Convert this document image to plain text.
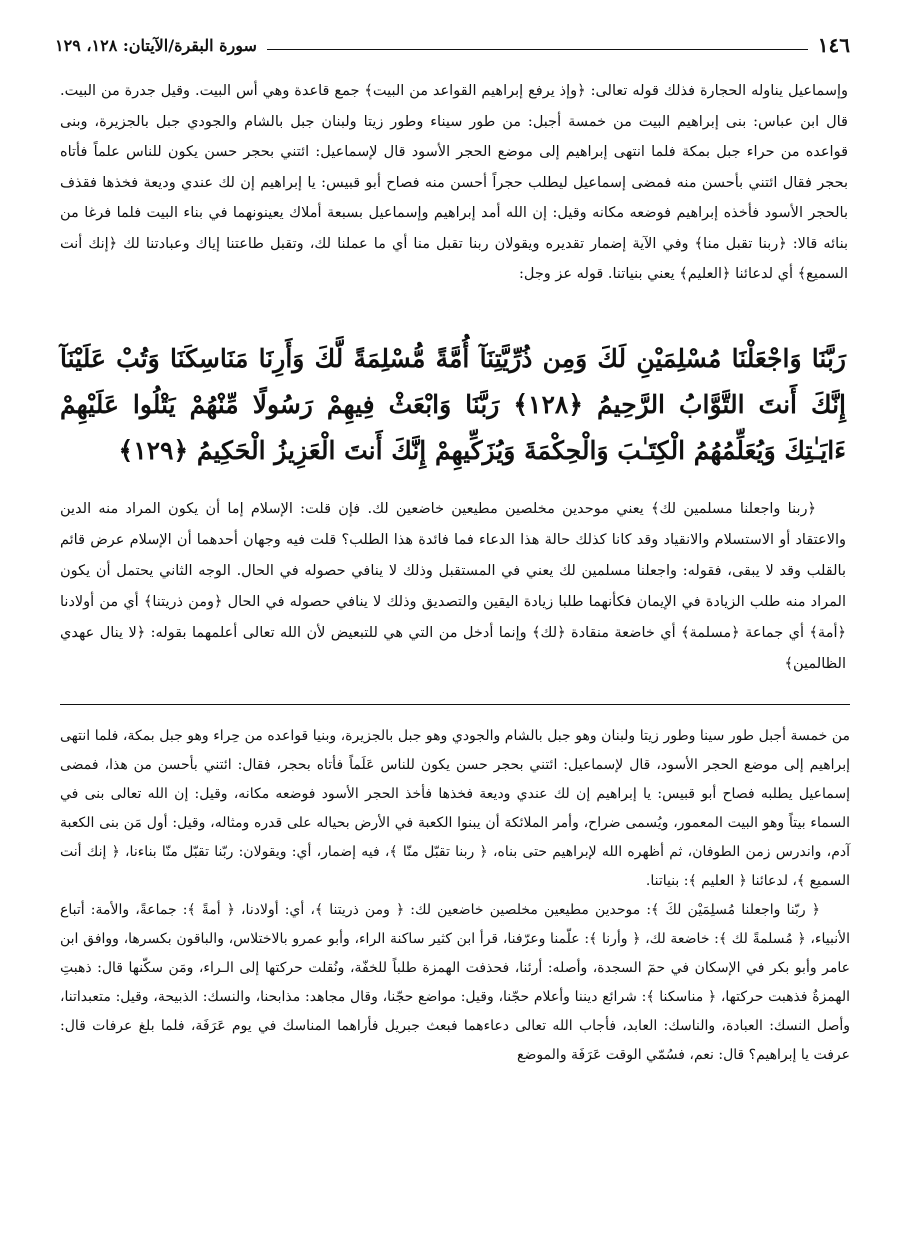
سورة البقرة/الآيتان: ١٢٨، ١٢٩	١٤٦

وإسماعيل يناوله الحجارة فذلك قوله تعالى: ﴿وإذ يرفع إبراهيم القواعد من البيت﴾ جمع قاعدة وهي أس البيت. وقيل جدرة من البيت. قال ابن عباس: بنى إبراهيم البيت من خمسة أجبل: من طور سيناء وطور زيتا ولبنان جبل بالشام والجودي جبل بالجزيرة، وبنى قواعده من حراء جبل بمكة فلما انتهى إبراهيم إلى موضع الحجر الأسود قال لإسماعيل: ائتني بحجر حسن يكون للناس علماً فأتاه بحجر فقال ائتني بأحسن منه فمضى إسماعيل ليطلب حجراً أحسن منه فصاح أبو قبيس: يا إبراهيم إن لك عندي وديعة فخذها فقذف بالحجر الأسود فأخذه إبراهيم فوضعه مكانه وقيل: إن الله أمد إبراهيم وإسماعيل بسبعة أملاك يعينونهما في بناء البيت فلما فرغا من بنائه قالا: ﴿ربنا تقبل منا﴾ وفي الآية إضمار تقديره ويقولان ربنا تقبل منا أي ما عملنا لك، وتقبل طاعتنا إياك وعبادتنا لك ﴿إنك أنت السميع﴾ أي لدعائنا ﴿العليم﴾ يعني بنياتنا. قوله عز وجل:

رَبَّنَا وَاجْعَلْنَا مُسْلِمَيْنِ لَكَ وَمِن ذُرِّيَّتِنَآ أُمَّةً مُّسْلِمَةً لَّكَ وَأَرِنَا مَنَاسِكَنَا وَتُبْ عَلَيْنَآ إِنَّكَ أَنتَ التَّوَّابُ الرَّحِيمُ ﴿١٢٨﴾ رَبَّنَا وَابْعَثْ فِيهِمْ رَسُولًا مِّنْهُمْ يَتْلُوا عَلَيْهِمْ ءَايَـٰتِكَ وَيُعَلِّمُهُمُ الْكِتَـٰبَ وَالْحِكْمَةَ وَيُزَكِّيهِمْ إِنَّكَ أَنتَ الْعَزِيزُ الْحَكِيمُ ﴿١٢٩﴾

﴿ربنا واجعلنا مسلمين لك﴾ يعني موحدين مخلصين مطيعين خاضعين لك. فإن قلت: الإسلام إما أن يكون المراد منه الدين والاعتقاد أو الاستسلام والانقياد وقد كانا كذلك حالة هذا الدعاء فما فائدة هذا الطلب؟ قلت فيه وجهان أحدهما أن الإسلام عرض قائم بالقلب وقد لا يبقى، فقوله: واجعلنا مسلمين لك يعني في المستقبل وذلك لا ينافي حصوله في الحال. الوجه الثاني يحتمل أن يكون المراد منه طلب الزيادة في الإيمان فكأنهما طلبا زيادة اليقين والتصديق وذلك لا ينافي حصوله في الحال ﴿ومن ذريتنا﴾ أي من أولادنا ﴿أمة﴾ أي جماعة ﴿مسلمة﴾ أي خاضعة منقادة ﴿لك﴾ وإنما أدخل من التي هي للتبعيض لأن الله تعالى أعلمهما بقوله: ﴿لا ينال عهدي الظالمين﴾

من خمسة أجبل طور سينا وطور زيتا ولبنان وهو جبل بالشام والجودي وهو جبل بالجزيرة، وبنيا قواعده من حِراء وهو جبل بمكة، فلما انتهى إبراهيم إلى موضع الحجر الأسود، قال لإسماعيل: ائتني بحجر حسن يكون للناس عَلَماً فأتاه بحجر، فقال: ائتني بأحسن من هذا، فمضى إسماعيل يطلبه فصاح أبو قبيس: يا إبراهيم إن لك عندي وديعة فخذها فأخذ الحجر الأسود فوضعه مكانه، وقيل: إن الله تعالى بنى في السماء بيتاً وهو البيت المعمور، ويُسمى ضراح، وأمر الملائكة أن يبنوا الكعبة في الأرض بحياله على قدره ومثاله، وقيل: أول مَن بنى الكعبة آدم، واندرس زمن الطوفان، ثم أظهره الله لإبراهيم حتى بناه، ﴿ ربنا تقبّل منّا ﴾، فيه إضمار، أي: ويقولان: ربّنا تقبّل منّا بناءنا، ﴿ إنك أنت السميع ﴾، لدعائنا ﴿ العليم ﴾: بنياتنا.

﴿ ربّنا واجعلنا مُسلِمَيْن لكَ ﴾: موحدين مطيعين مخلصين خاضعين لك: ﴿ ومن ذريتنا ﴾، أي: أولادنا، ﴿ أمةً ﴾: جماعةً، والأمة: أتباع الأنبياء، ﴿ مُسلمةً لك ﴾: خاضعة لك، ﴿ وأرنا ﴾: علّمنا وعرّفنا، قرأ ابن كثير ساكنة الراء، وأبو عمرو بالاختلاس، والباقون بكسرها، ووافق ابن عامر وأبو بكر في الإسكان في حمٓ السجدة، وأصله: أرئنا، فحذفت الهمزة طلباً للخفّة، ونُقلت حركتها إلى الـراء، ومَن سكّنها قال: ذهبتِ الهمزةُ فذهبت حركتها، ﴿ مناسكنا ﴾: شرائع ديننا وأعلام حجّنا، وقيل: مواضع حجّنا، وقال مجاهد: مذابحنا، والنسك: الذبيحة، وقيل: متعبداتنا، وأصل النسك: العبادة، والناسك: العابد، فأجاب الله تعالى دعاءهما فبعث جبريل فأراهما المناسك في يوم عَرَفَة، فلما بلغ عرفات قال: عرفت يا إبراهيم؟ قال: نعم، فسُمّي الوقت عَرَفَة والموضع
